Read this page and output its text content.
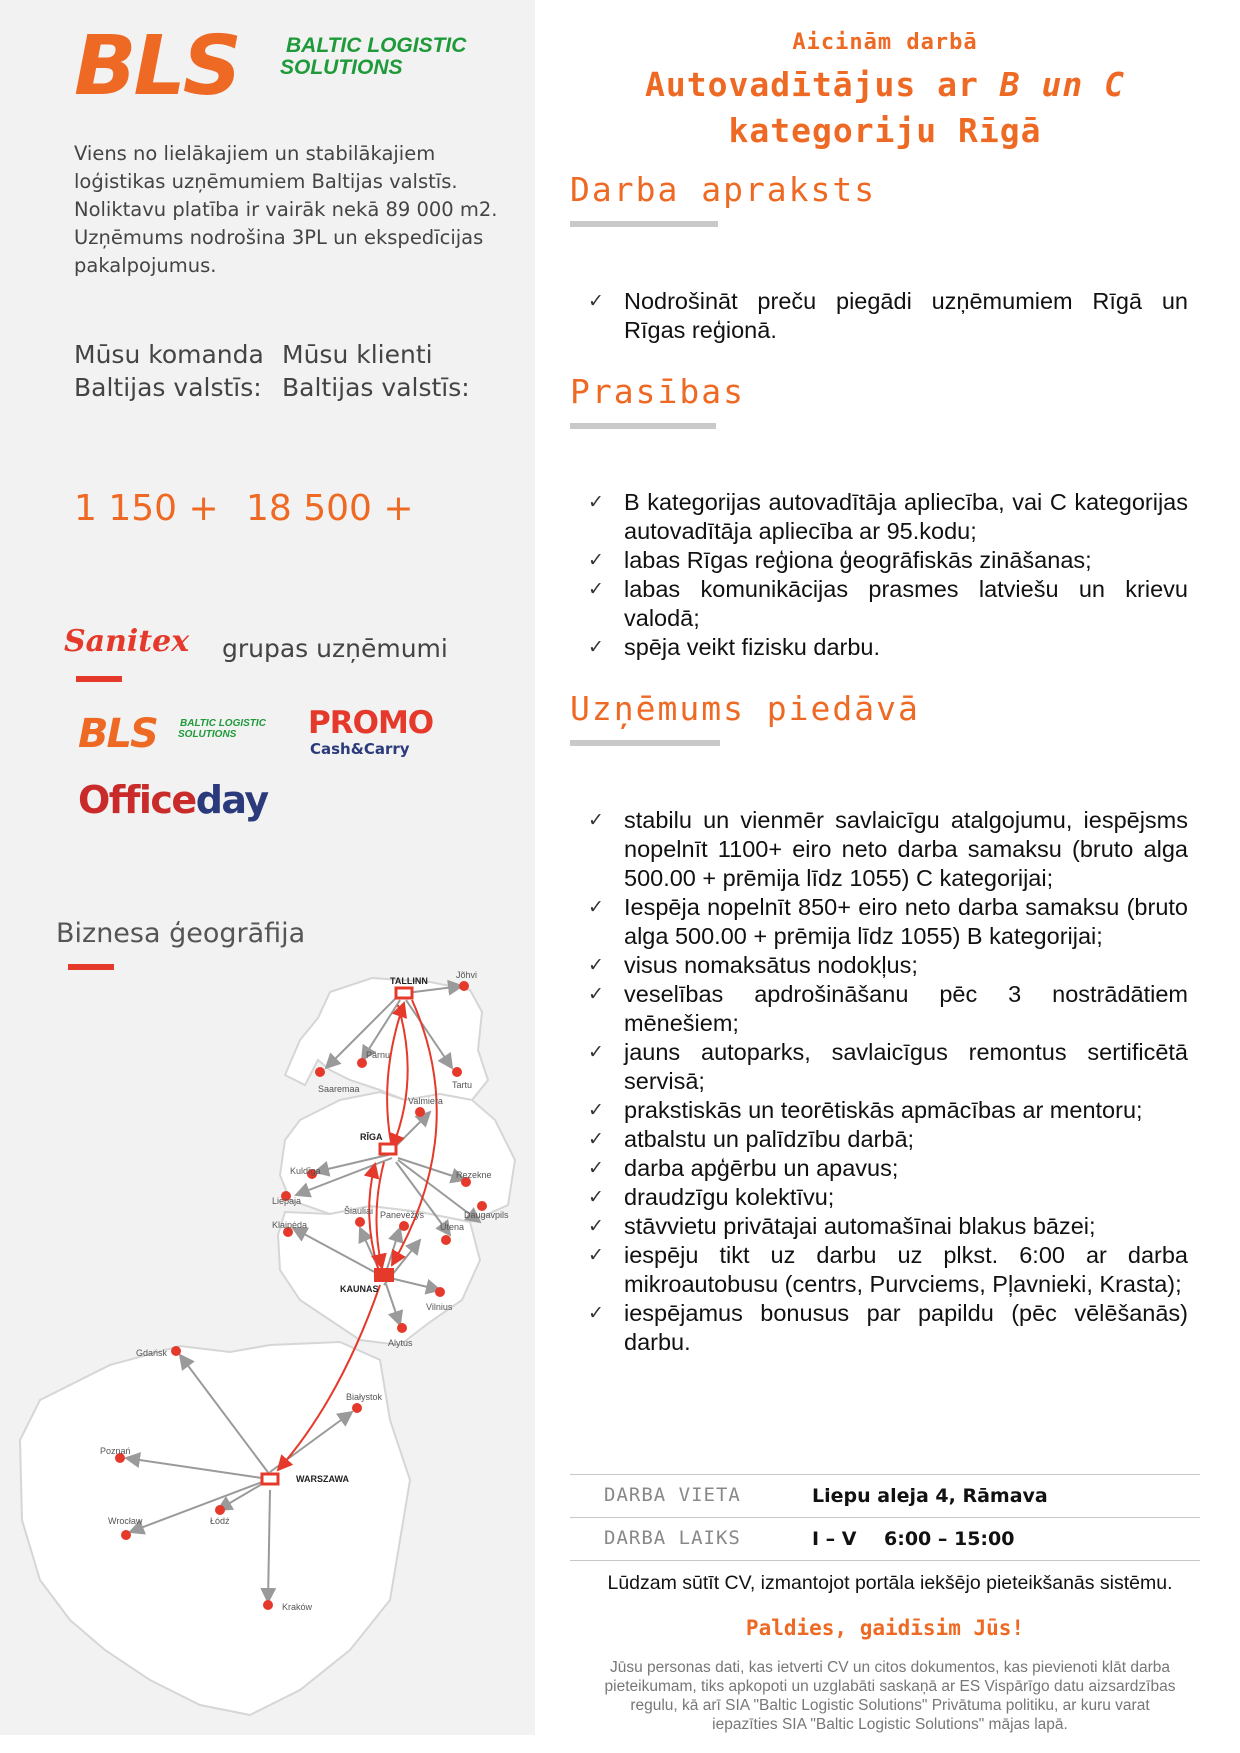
BLS BALTIC LOGISTIC
SOLUTIONS
Viens no lielākajiem un stabilākajiem
loģistikas uzņēmumiem Baltijas valstīs.
Noliktavu platība ir vairāk nekā 89 000 m2.
Uzņēmums nodrošina 3PL un ekspedīcijas
pakalpojumus.
Mūsu komanda
Baltijas valstīs:
Mūsu klienti
Baltijas valstīs:
1 150 + 18 500 +
Sanitex grupas uzņēmumi
BLS BALTIC LOGISTIC
SOLUTIONS PROMO
Cash&Carry
Officeday
Biznesa ģeogrāfija
TALLINN
Jõhvi
Pärnu
Tartu
Saaremaa
Valmiera
RĪGA
Kuldīga
Liepaja
Rezekne
Klaipėda
Šiauliai Panevėžys
Utena
Daugavpils
KAUNAS
Vilnius
Alytus
Gdańsk
Białystok
Poznań
WARSZAWA
Wrocław	Łódź
Kraków
Aicinām darbā
Autovadītājus ar B un C
kategoriju Rīgā
Darba apraksts
✓ Nodrošināt preču piegādi uzņēmumiem Rīgā un Rīgas reģionā.
Prasības
✓ B kategorijas autovadītāja apliecība, vai C kategorijas autovadītāja apliecība ar 95.kodu;
✓ labas Rīgas reģiona ģeogrāfiskās zināšanas;
✓ labas komunikācijas prasmes latviešu un krievu valodā;
✓ spēja veikt fizisku darbu.
Uzņēmums piedāvā
✓ stabilu un vienmēr savlaicīgu atalgojumu, iespējsms nopelnīt 1100+ eiro neto darba samaksu (bruto alga 500.00 + prēmija līdz 1055) C kategorijai;
✓ Iespēja nopelnīt 850+ eiro neto darba samaksu (bruto alga 500.00 + prēmija līdz 1055) B kategorijai;
✓ visus nomaksātus nodokļus;
✓ veselības apdrošināšanu pēc 3 nostrādātiem mēnešiem;
✓ jauns autoparks, savlaicīgus remontus sertificētā servisā;
✓ prakstiskās un teorētiskās apmācības ar mentoru;
✓ atbalstu un palīdzību darbā;
✓ darba apģērbu un apavus;
✓ draudzīgu kolektīvu;
✓ stāvvietu privātajai automašīnai blakus bāzei;
✓ iespēju tikt uz darbu uz plkst. 6:00 ar darba mikroautobusu (centrs, Purvciems, Pļavnieki, Krasta);
✓ iespējamus bonusus par papildu (pēc vēlēšanās) darbu.
DARBA VIETA	Liepu aleja 4, Rāmava
DARBA LAIKS	I – V 6:00 – 15:00
Lūdzam sūtīt CV, izmantojot portāla iekšējo pieteikšanās sistēmu.
Paldies, gaidīsim Jūs!
Jūsu personas dati, kas ietverti CV un citos dokumentos, kas pievienoti klāt darba
pieteikumam, tiks apkopoti un uzglabāti saskaņā ar ES Vispārīgo datu aizsardzības
regulu, kā arī SIA "Baltic Logistic Solutions" Privātuma politiku, ar kuru varat
iepazīties SIA "Baltic Logistic Solutions" mājas lapā.
